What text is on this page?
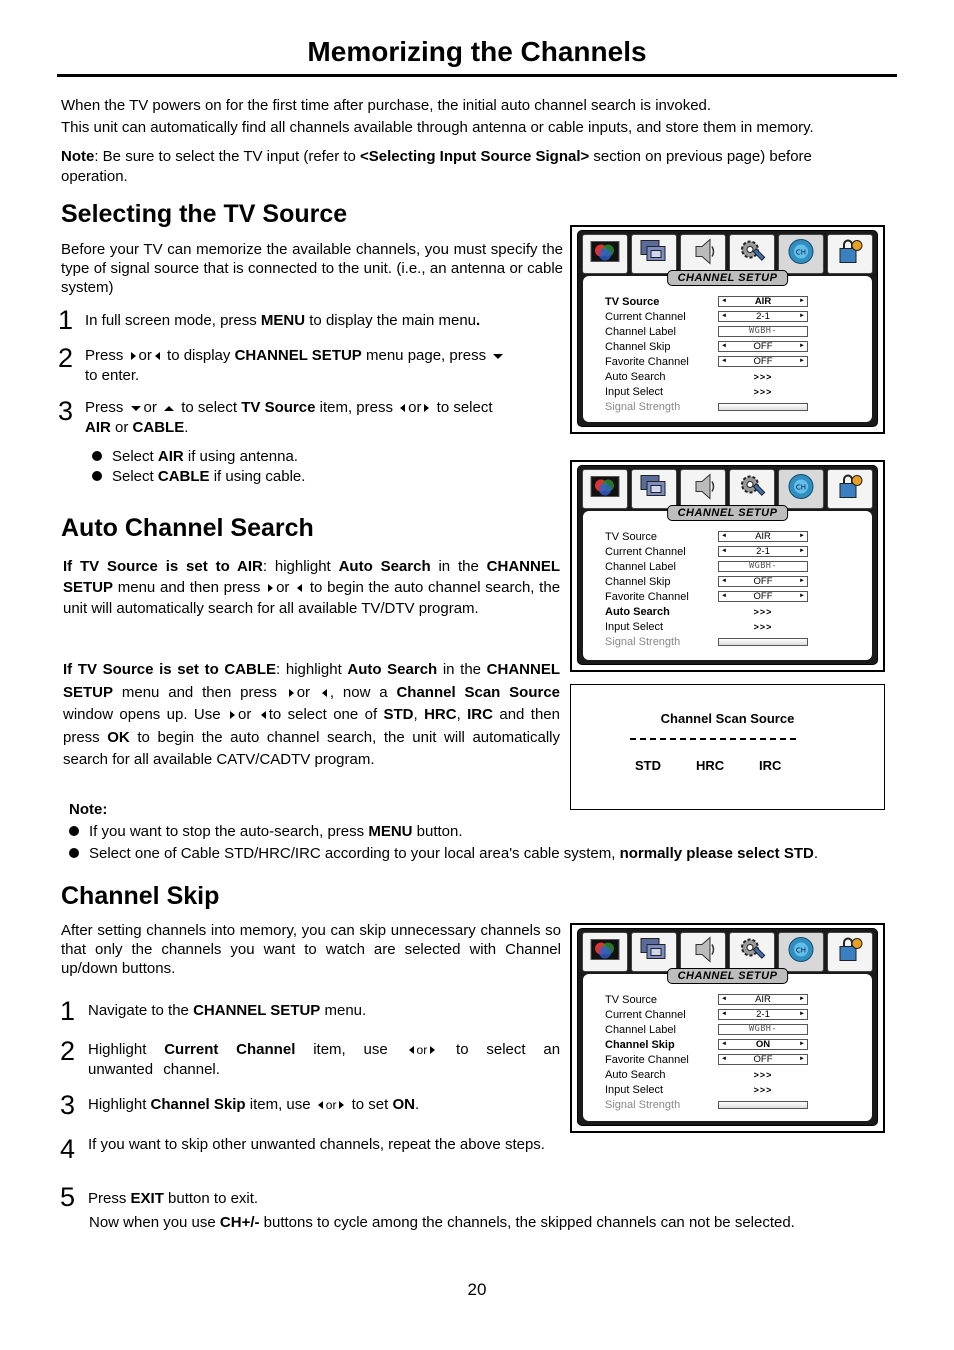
Memorizing the Channels
When the TV powers on for the first time after purchase, the initial auto channel search is invoked.
This unit can automatically find all channels available through antenna or cable inputs, and store them in memory.
Note: Be sure to select the TV input (refer to <Selecting Input Source Signal> section on previous page) before
operation.
Selecting the TV Source
Before your TV can memorize the available channels, you must specify the type of signal source that is connected to the unit. (i.e., an antenna or cable system)
1 In full screen mode, press MENU to display the main menu.
2 Press or to display CHANNEL SETUP menu page, press
to enter.
3 Press or to select TV Source item, press or to select
AIR or CABLE.
Select AIR if using antenna.
Select CABLE if using cable.
Auto Channel Search
If TV Source is set to AIR: highlight Auto Search in the CHANNEL SETUP menu and then press or to begin the auto channel search, the unit will automatically search for all available TV/DTV program.
If TV Source is set to CABLE: highlight Auto Search in the CHANNEL SETUP menu and then press or , now a Channel Scan Source window opens up. Use or to select one of STD, HRC, IRC and then press OK to begin the auto channel search, the unit will automatically search for all available CATV/CADTV program.
Note:
If you want to stop the auto-search, press MENU button.
Select one of Cable STD/HRC/IRC according to your local area's cable system, normally please select STD.
Channel Skip
After setting channels into memory, you can skip unnecessary channels so that only the channels you want to watch are selected with Channel up/down buttons.
1 Navigate to the CHANNEL SETUP menu.
2 Highlight Current Channel item, use or to select an unwanted channel.
3 Highlight Channel Skip item, use or to set ON.
4 If you want to skip other unwanted channels, repeat the above steps.
5 Press EXIT button to exit.
Now when you use CH+/- buttons to cycle among the channels, the skipped channels can not be selected.
20
Channel Scan Source
STD	HRC	IRC
CH
CHANNEL SETUP
TV Source	◄	AIR	►
Current Channel	◄	2-1	►
Channel Label	WGBH-
Channel Skip	◄	OFF	►
Favorite Channel	◄	OFF	►
Auto Search	>>>
Input Select	>>>
Signal Strength
CH
CHANNEL SETUP
TV Source	◄	AIR	►
Current Channel	◄	2-1	►
Channel Label	WGBH-
Channel Skip	◄	OFF	►
Favorite Channel	◄	OFF	►
Auto Search	>>>
Input Select	>>>
Signal Strength
CH
CHANNEL SETUP
TV Source	◄	AIR	►
Current Channel	◄	2-1	►
Channel Label	WGBH-
Channel Skip	◄	ON	►
Favorite Channel	◄	OFF	►
Auto Search	>>>
Input Select	>>>
Signal Strength
